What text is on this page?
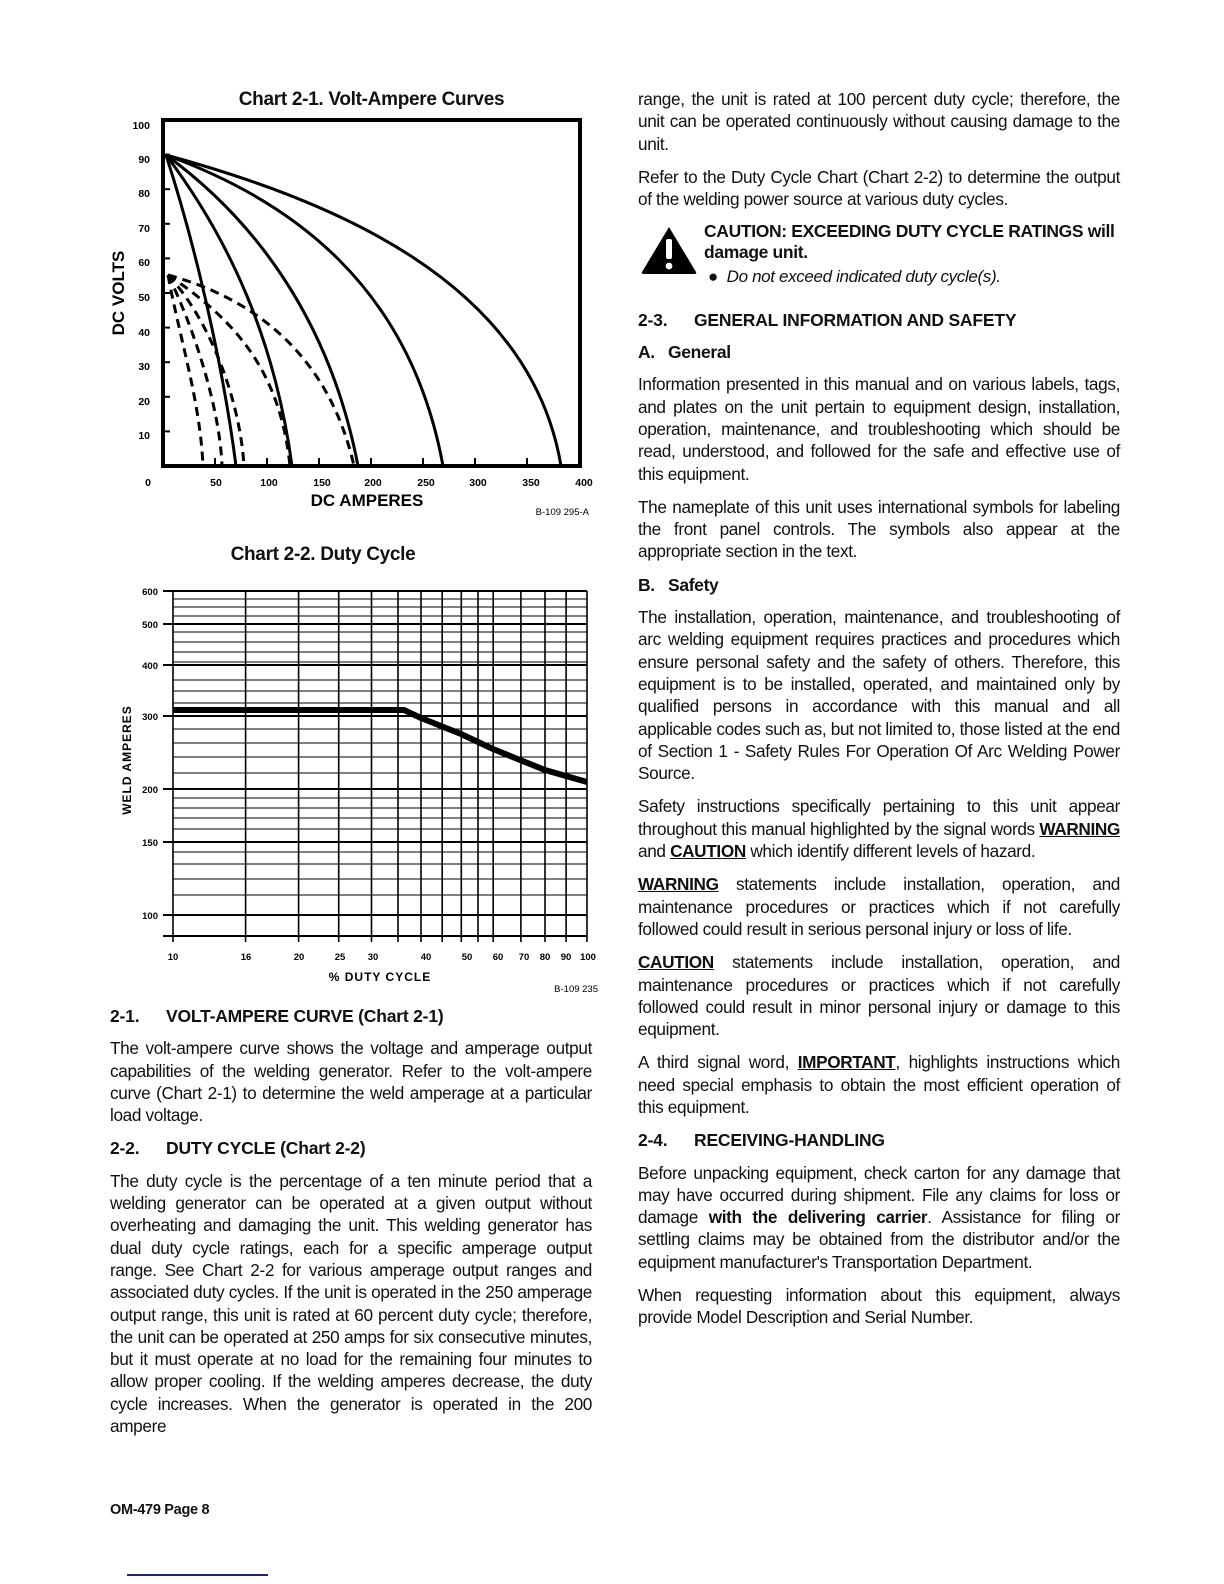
Chart 2-1. Volt-Ampere Curves
100
90
80
70
60
50
40
30
20
10
0	50	100	150	200	250	300	350	400
DC AMPERES
DC VOLTS
B-109 295-A
Chart 2-2. Duty Cycle
600
500
400
300
200
150
100
10	16	20	25 30	40	50 60 70 80 90 100
% DUTY CYCLE
WELD AMPERES
B-109 235
2-1. VOLT-AMPERE CURVE (Chart 2-1)

The volt-ampere curve shows the voltage and amperage output capabilities of the welding generator. Refer to the volt-ampere curve (Chart 2-1) to determine the weld amperage at a particular load voltage.

2-2. DUTY CYCLE (Chart 2-2)

The duty cycle is the percentage of a ten minute period that a welding generator can be operated at a given output without overheating and damaging the unit. This welding generator has dual duty cycle ratings, each for a specific amperage output range. See Chart 2-2 for various amperage output ranges and associated duty cycles. If the unit is operated in the 250 amperage output range, this unit is rated at 60 percent duty cycle; therefore, the unit can be operated at 250 amps for six consecutive minutes, but it must operate at no load for the remaining four minutes to allow proper cooling. If the welding amperes decrease, the duty cycle increases. When the generator is operated in the 200 ampere

OM-479 Page 8

range, the unit is rated at 100 percent duty cycle; therefore, the unit can be operated continuously without causing damage to the unit.

Refer to the Duty Cycle Chart (Chart 2-2) to determine the output of the welding power source at various duty cycles.

CAUTION: EXCEEDING DUTY CYCLE RATINGS will damage unit.
●  Do not exceed indicated duty cycle(s).
2-3. GENERAL INFORMATION AND SAFETY
A. General

Information presented in this manual and on various labels, tags, and plates on the unit pertain to equipment design, installation, operation, maintenance, and troubleshooting which should be read, understood, and followed for the safe and effective use of this equipment.

The nameplate of this unit uses international symbols for labeling the front panel controls. The symbols also appear at the appropriate section in the text.

B. Safety

The installation, operation, maintenance, and troubleshooting of arc welding equipment requires practices and procedures which ensure personal safety and the safety of others. Therefore, this equipment is to be installed, operated, and maintained only by qualified persons in accordance with this manual and all applicable codes such as, but not limited to, those listed at the end of Section 1 - Safety Rules For Operation Of Arc Welding Power Source.

Safety instructions specifically pertaining to this unit appear throughout this manual highlighted by the signal words WARNING and CAUTION which identify different levels of hazard.

WARNING statements include installation, operation, and maintenance procedures or practices which if not carefully followed could result in serious personal injury or loss of life.

CAUTION statements include installation, operation, and maintenance procedures or practices which if not carefully followed could result in minor personal injury or damage to this equipment.

A third signal word, IMPORTANT, highlights instructions which need special emphasis to obtain the most efficient operation of this equipment.

2-4. RECEIVING-HANDLING

Before unpacking equipment, check carton for any damage that may have occurred during shipment. File any claims for loss or damage with the delivering carrier. Assistance for filing or settling claims may be obtained from the distributor and/or the equipment manufacturer's Transportation Department.

When requesting information about this equipment, always provide Model Description and Serial Number.
